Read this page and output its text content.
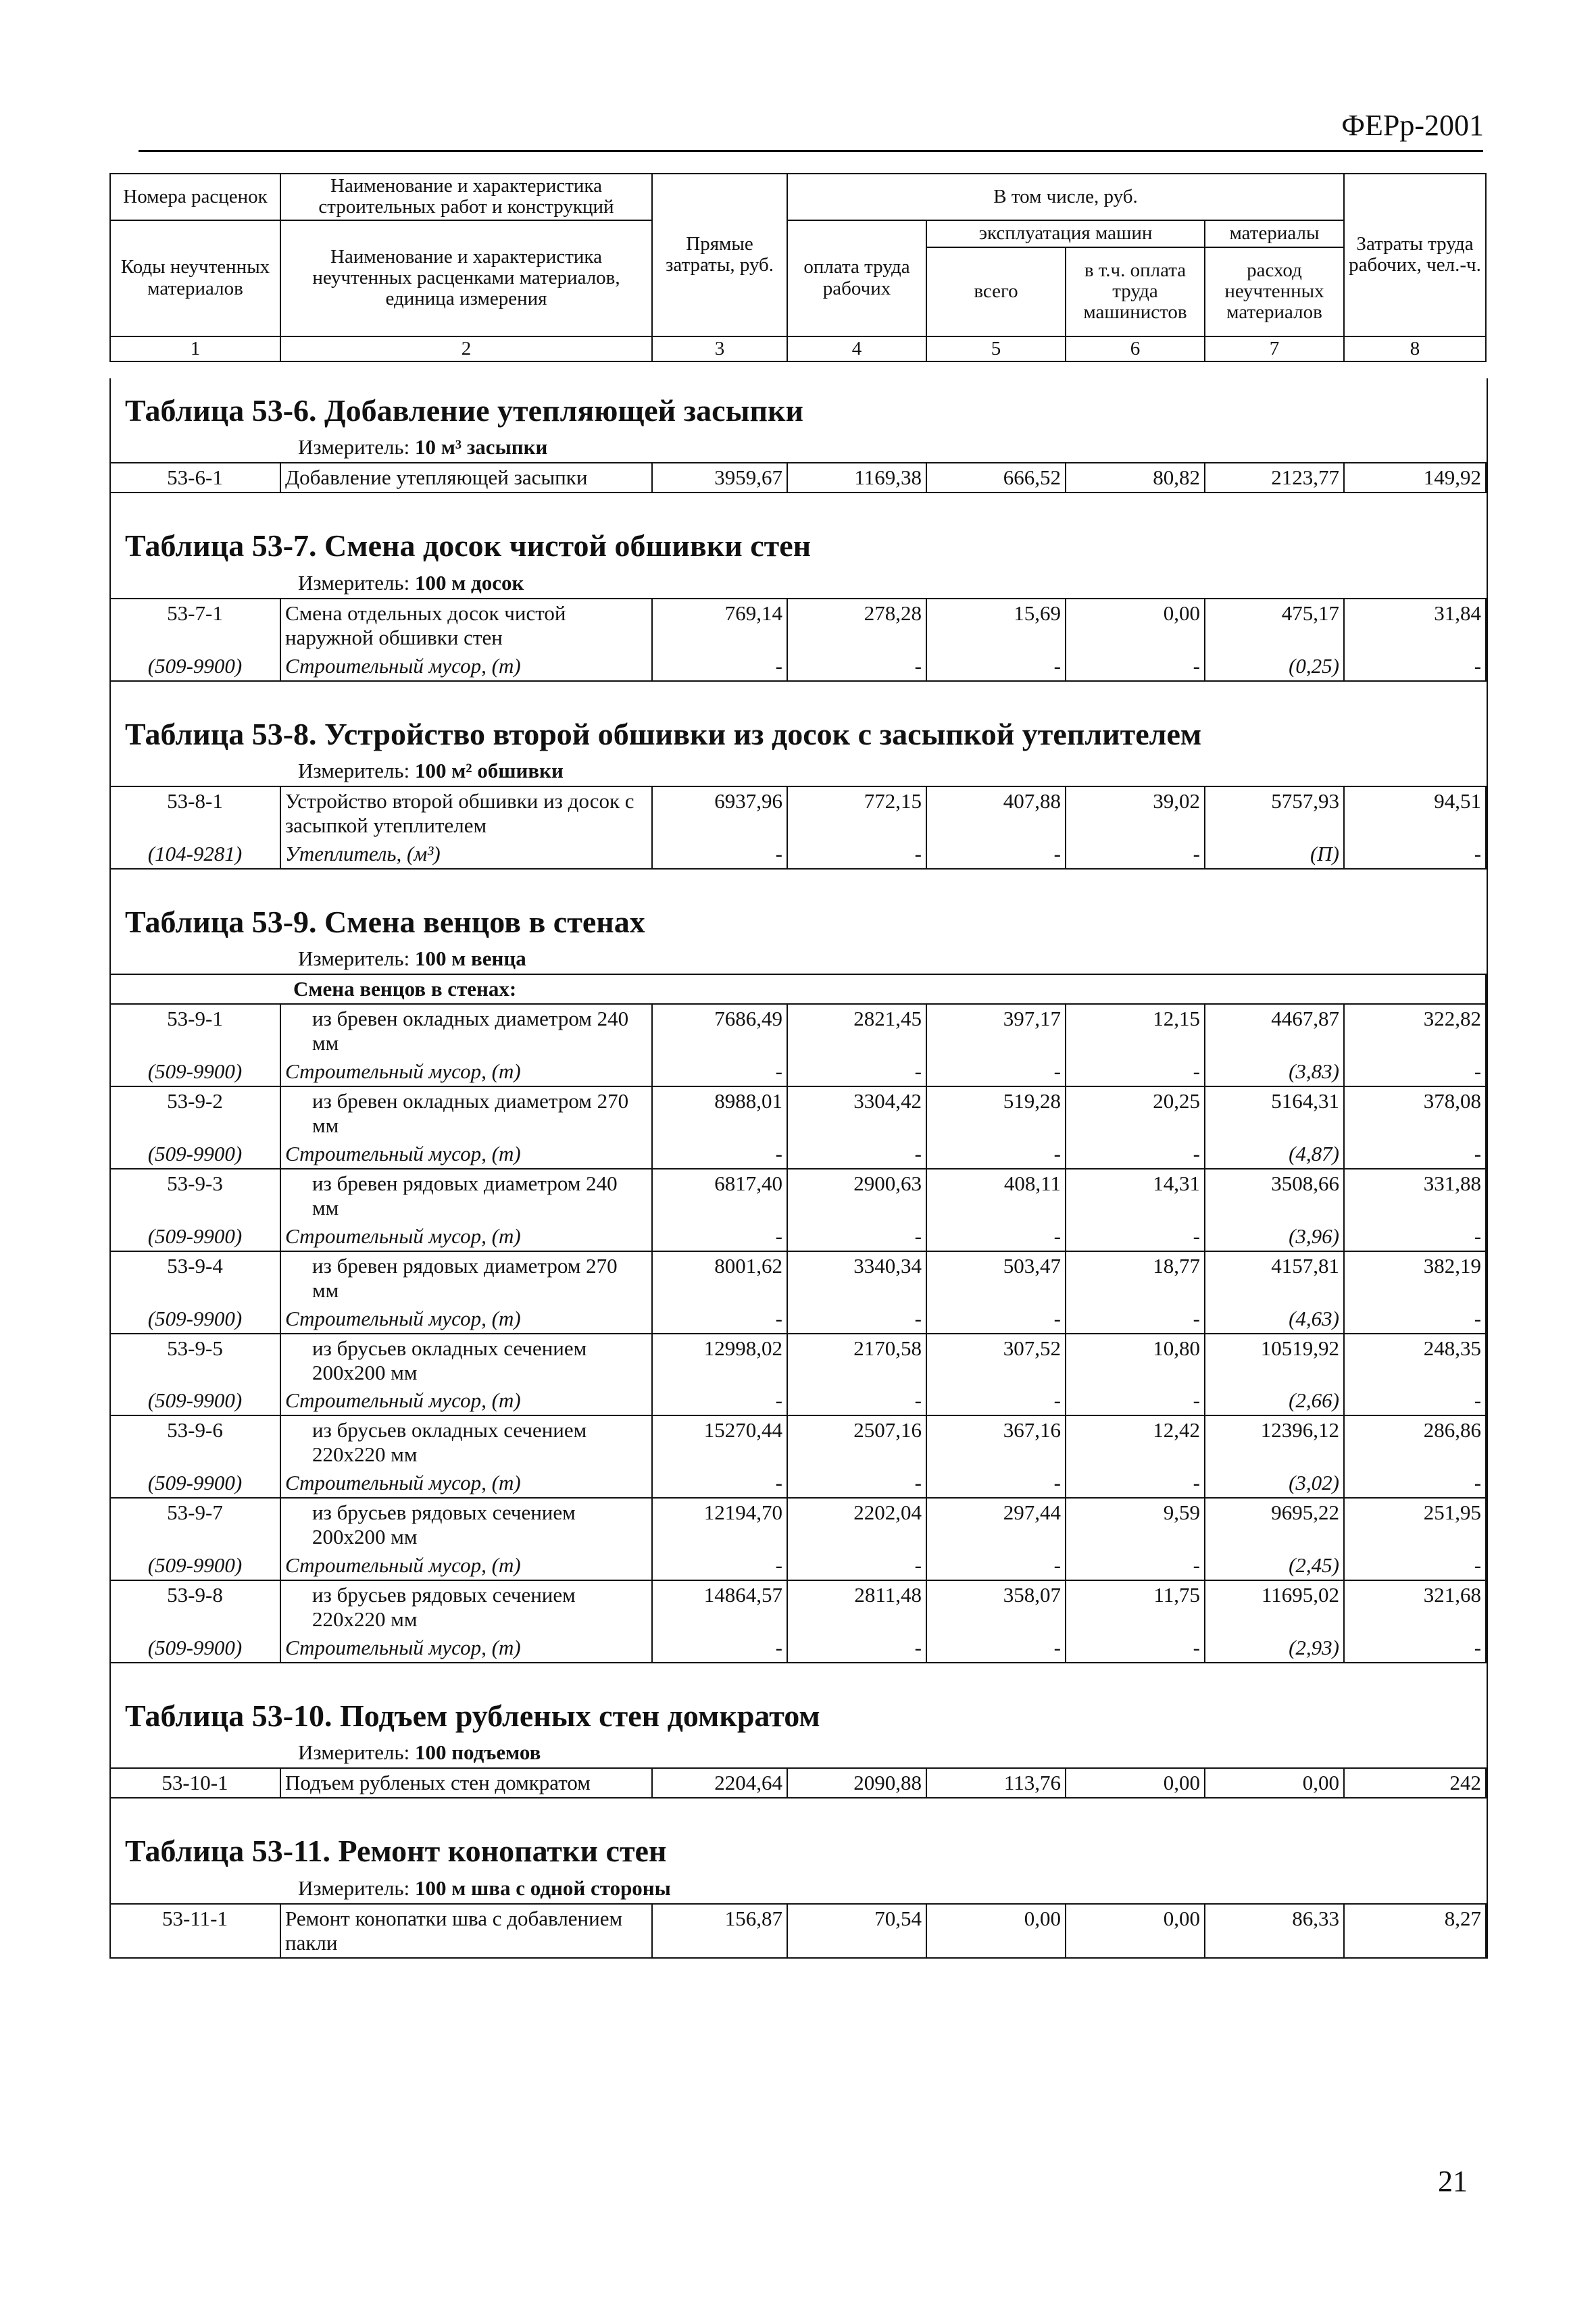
ФЕРр-2001
Номера расценок	Наименование и характеристика строительных работ и конструкций	Прямые затраты, руб.	В том числе, руб.				Затраты труда рабочих, чел.-ч.
Коды неучтенных материалов	Наименование и характеристика неучтенных расценками материалов, единица измерения		оплата труда рабочих	эксплуатация машин		материалы	
				всего	в т.ч. оплата труда машинистов	расход неучтенных материалов	
1	2	3	4	5	6	7	8
Таблица 53-6. Добавление утепляющей засыпки							
Измеритель: 10 м³ засыпки							
53-6-1	Добавление утепляющей засыпки	3959,67	1169,38	666,52	80,82	2123,77	149,92

Таблица 53-7. Смена досок чистой обшивки стен							
Измеритель: 100 м досок							
53-7-1	Смена отдельных досок чистой наружной обшивки стен	769,14	278,28	15,69	0,00	475,17	31,84
(509-9900)	Строительный мусор, (т)	-	-	-	-	(0,25)	-

Таблица 53-8. Устройство второй обшивки из досок с засыпкой утеплителем							
Измеритель: 100 м² обшивки							
53-8-1	Устройство второй обшивки из досок с засыпкой утеплителем	6937,96	772,15	407,88	39,02	5757,93	94,51
(104-9281)	Утеплитель, (м³)	-	-	-	-	(П)	-

Таблица 53-9. Смена венцов в стенах							
Измеритель: 100 м венца							
Смена венцов в стенах:							
53-9-1	из бревен окладных диаметром 240 мм	7686,49	2821,45	397,17	12,15	4467,87	322,82
(509-9900)	Строительный мусор, (т)	-	-	-	-	(3,83)	-
53-9-2	из бревен окладных диаметром 270 мм	8988,01	3304,42	519,28	20,25	5164,31	378,08
(509-9900)	Строительный мусор, (т)	-	-	-	-	(4,87)	-
53-9-3	из бревен рядовых диаметром 240 мм	6817,40	2900,63	408,11	14,31	3508,66	331,88
(509-9900)	Строительный мусор, (т)	-	-	-	-	(3,96)	-
53-9-4	из бревен рядовых диаметром 270 мм	8001,62	3340,34	503,47	18,77	4157,81	382,19
(509-9900)	Строительный мусор, (т)	-	-	-	-	(4,63)	-
53-9-5	из брусьев окладных сечением 200х200 мм	12998,02	2170,58	307,52	10,80	10519,92	248,35
(509-9900)	Строительный мусор, (т)	-	-	-	-	(2,66)	-
53-9-6	из брусьев окладных сечением 220х220 мм	15270,44	2507,16	367,16	12,42	12396,12	286,86
(509-9900)	Строительный мусор, (т)	-	-	-	-	(3,02)	-
53-9-7	из брусьев рядовых сечением 200х200 мм	12194,70	2202,04	297,44	9,59	9695,22	251,95
(509-9900)	Строительный мусор, (т)	-	-	-	-	(2,45)	-
53-9-8	из брусьев рядовых сечением 220х220 мм	14864,57	2811,48	358,07	11,75	11695,02	321,68
(509-9900)	Строительный мусор, (т)	-	-	-	-	(2,93)	-

Таблица 53-10. Подъем рубленых стен домкратом							
Измеритель: 100 подъемов							
53-10-1	Подъем рубленых стен домкратом	2204,64	2090,88	113,76	0,00	0,00	242

Таблица 53-11. Ремонт конопатки стен							
Измеритель: 100 м шва с одной стороны							
53-11-1	Ремонт конопатки шва с добавлением пакли	156,87	70,54	0,00	0,00	86,33	8,27
21
